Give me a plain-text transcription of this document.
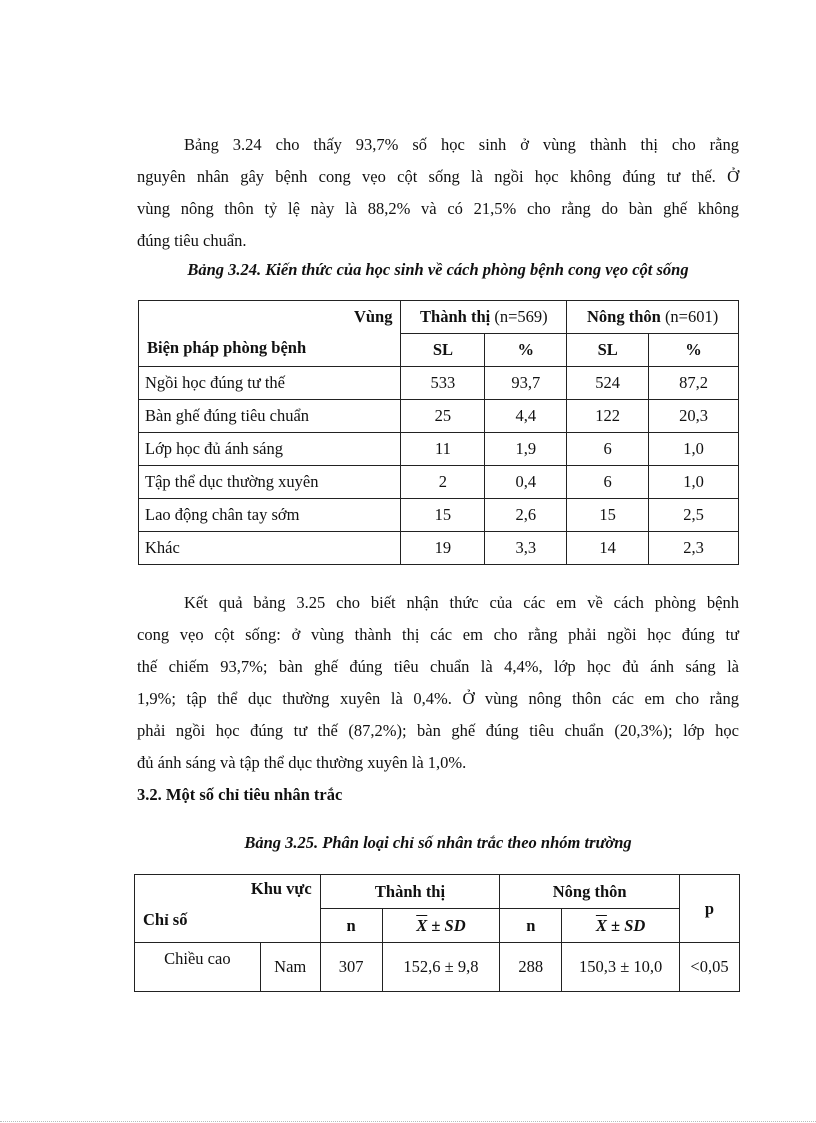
Bảng 3.24 cho thấy 93,7% số học sinh ở vùng thành thị cho rằng
nguyên nhân gây bệnh cong vẹo cột sống là ngồi học không đúng tư thế. Ở
vùng nông thôn tỷ lệ này là 88,2% và có 21,5% cho rằng do bàn ghế không
đúng tiêu chuẩn.
Bảng 3.24. Kiến thức của học sinh về cách phòng bệnh cong vẹo cột sống
Vùng
Biện pháp phòng bệnh	Thành thị (n=569)		Nông thôn (n=601)	
	SL	%	SL	%
Ngồi học đúng tư thế	533	93,7	524	87,2
Bàn ghế đúng tiêu chuẩn	25	4,4	122	20,3
Lớp học đủ ánh sáng	11	1,9	6	1,0
Tập thể dục thường xuyên	2	0,4	6	1,0
Lao động chân tay sớm	15	2,6	15	2,5
Khác	19	3,3	14	2,3
Kết quả bảng 3.25 cho biết nhận thức của các em về cách phòng bệnh
cong vẹo cột sống: ở vùng thành thị các em cho rằng phải ngồi học đúng tư
thế chiếm 93,7%; bàn ghế đúng tiêu chuẩn là 4,4%, lớp học đủ ánh sáng là
1,9%; tập thể dục thường xuyên là 0,4%. Ở vùng nông thôn các em cho rằng
phải ngồi học đúng tư thế (87,2%); bàn ghế đúng tiêu chuẩn (20,3%); lớp học
đủ ánh sáng và tập thể dục thường xuyên là 1,0%.
3.2. Một số chỉ tiêu nhân trắc
Bảng 3.25. Phân loại chỉ số nhân trắc theo nhóm trường
Khu vực
Chỉ số		Thành thị		Nông thôn		p
		n	$\overline{X}$ ± SD	n	$\overline{X}$ ± SD	
Chiều cao	Nam	307	152,6 ± 9,8	288	150,3 ± 10,0	<0,05
